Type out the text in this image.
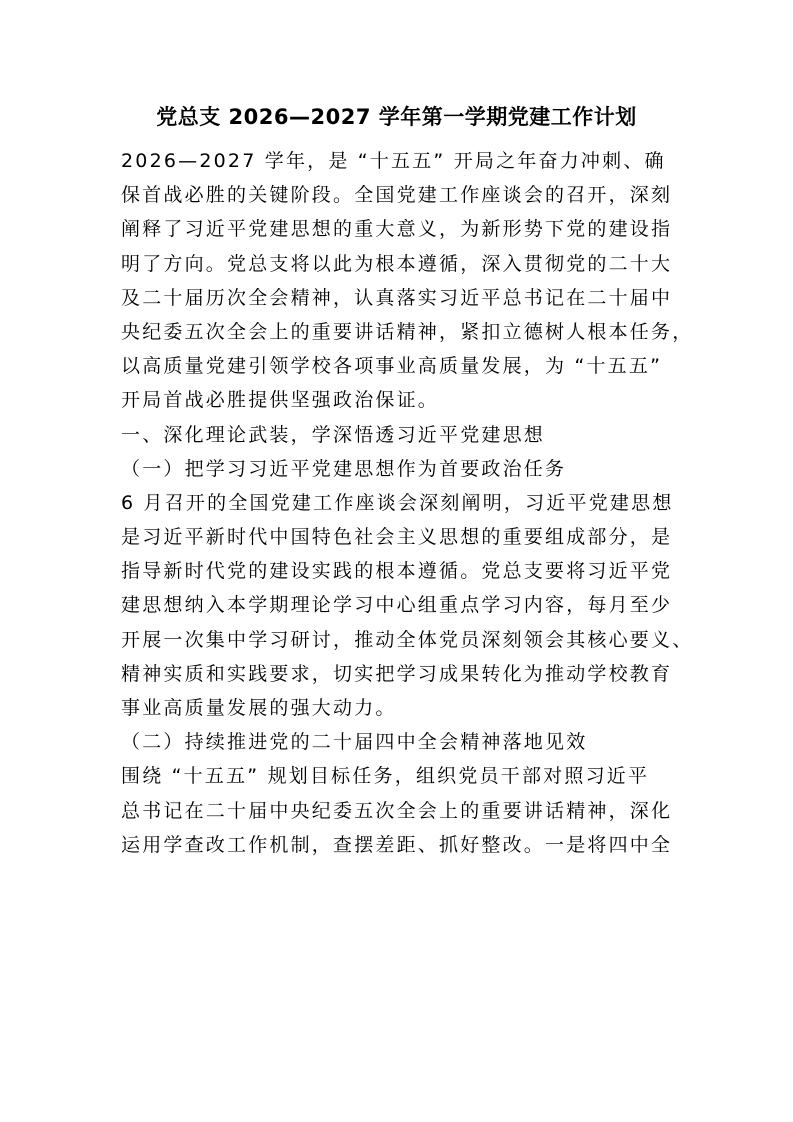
党总支 2026—2027 学年第一学期党建工作计划
2026—2027 学年，是 “十五五” 开局之年奋力冲刺、确
保首战必胜的关键阶段。全国党建工作座谈会的召开，深刻
阐释了习近平党建思想的重大意义，为新形势下党的建设指
明了方向。党总支将以此为根本遵循，深入贯彻党的二十大
及二十届历次全会精神，认真落实习近平总书记在二十届中
央纪委五次全会上的重要讲话精神，紧扣立德树人根本任务，
以高质量党建引领学校各项事业高质量发展，为 “十五五”
开局首战必胜提供坚强政治保证。
一、深化理论武装，学深悟透习近平党建思想
（一）把学习习近平党建思想作为首要政治任务
6 月召开的全国党建工作座谈会深刻阐明，习近平党建思想
是习近平新时代中国特色社会主义思想的重要组成部分，是
指导新时代党的建设实践的根本遵循。党总支要将习近平党
建思想纳入本学期理论学习中心组重点学习内容，每月至少
开展一次集中学习研讨，推动全体党员深刻领会其核心要义、
精神实质和实践要求，切实把学习成果转化为推动学校教育
事业高质量发展的强大动力。
（二）持续推进党的二十届四中全会精神落地见效
围绕 “十五五” 规划目标任务，组织党员干部对照习近平
总书记在二十届中央纪委五次全会上的重要讲话精神，深化
运用学查改工作机制，查摆差距、抓好整改。一是将四中全
